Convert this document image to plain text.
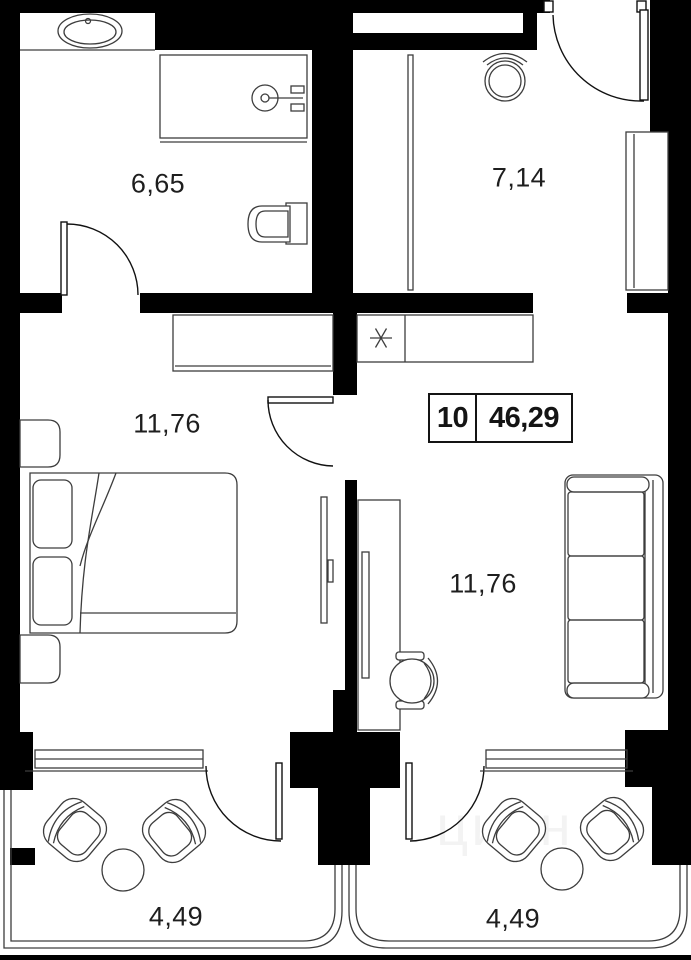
6,65	7,14
11,76
11,76
4,49	4,49
10 46,29
